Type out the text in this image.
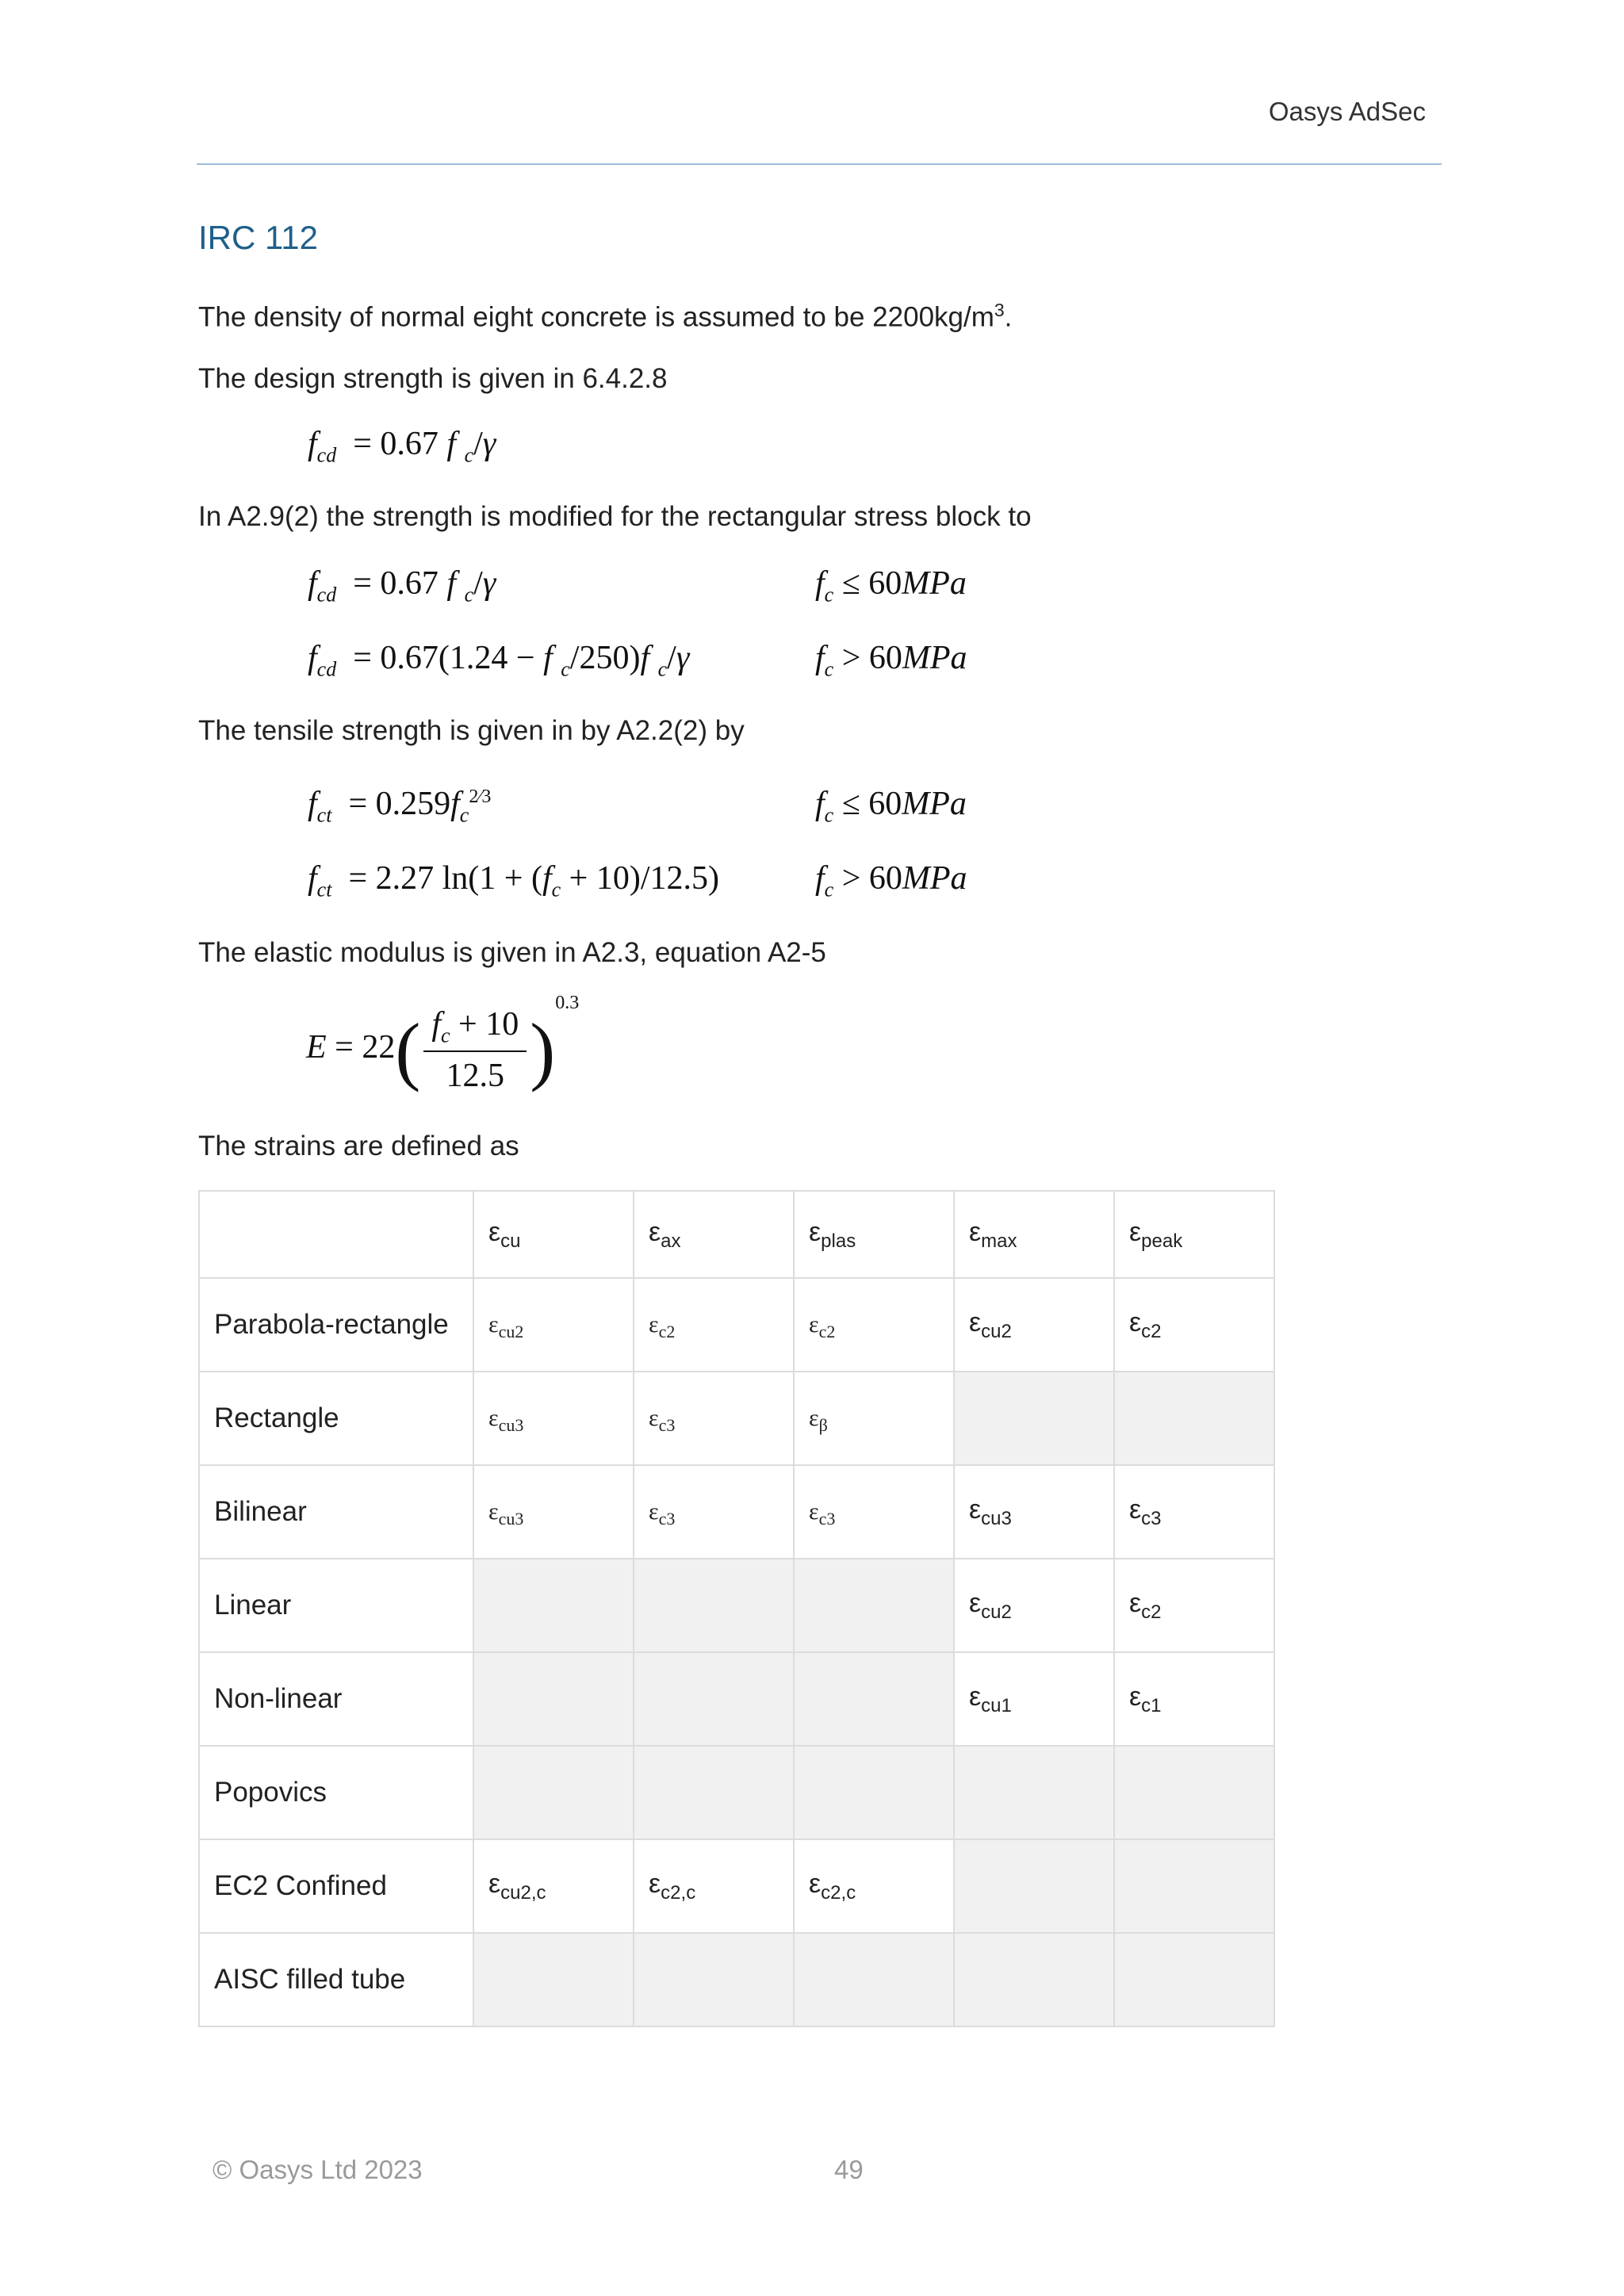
Oasys AdSec
IRC 112
The density of normal eight concrete is assumed to be $2200kg/m^3$.
The design strength is given in 6.4.2.8
$f_{cd} = 0.67$ f $_c$/γ
In A2.9(2) the strength is modified for the rectangular stress block to
$f_{cd} = 0.67$ f $_c$/γ	$f_c \le 60MPa$
$f_{cd} = 0.67(1.24 - f$ $_c$/250)f $_c$/γ	$f_c > 60MPa$
The tensile strength is given in by A2.2(2) by
$f_{ct} = 0.259f_c^{2⁄3}$	$f_c \le 60MPa$
$f_{ct} = 2.27$ $\ln(1 + (f_c + 10)/12.5)$	$f_c > 60MPa$
The elastic modulus is given in A2.3, equation A2-5
$E = 22( \frac{f_c + 10}{12.5} )^{0.3}$
The strains are defined as
	$\varepsilon_{cu}$	$\varepsilon_{ax}$	$\varepsilon_{plas}$	$\varepsilon_{max}$	$\varepsilon_{peak}$
Parabola-rectangle	$\varepsilon_{cu2}$	$\varepsilon_{c2}$	$\varepsilon_{c2}$	$\varepsilon_{cu2}$	$\varepsilon_{c2}$
Rectangle	$\varepsilon_{cu3}$	$\varepsilon_{c3}$	$\varepsilon_\beta$		
Bilinear	$\varepsilon_{cu3}$	$\varepsilon_{c3}$	$\varepsilon_{c3}$	$\varepsilon_{cu3}$	$\varepsilon_{c3}$
Linear				$\varepsilon_{cu2}$	$\varepsilon_{c2}$
Non-linear				$\varepsilon_{cu1}$	$\varepsilon_{c1}$
Popovics					
EC2 Confined	$\varepsilon_{cu2,c}$	$\varepsilon_{c2,c}$	$\varepsilon_{c2,c}$		
AISC filled tube					
© Oasys Ltd 2023	49
